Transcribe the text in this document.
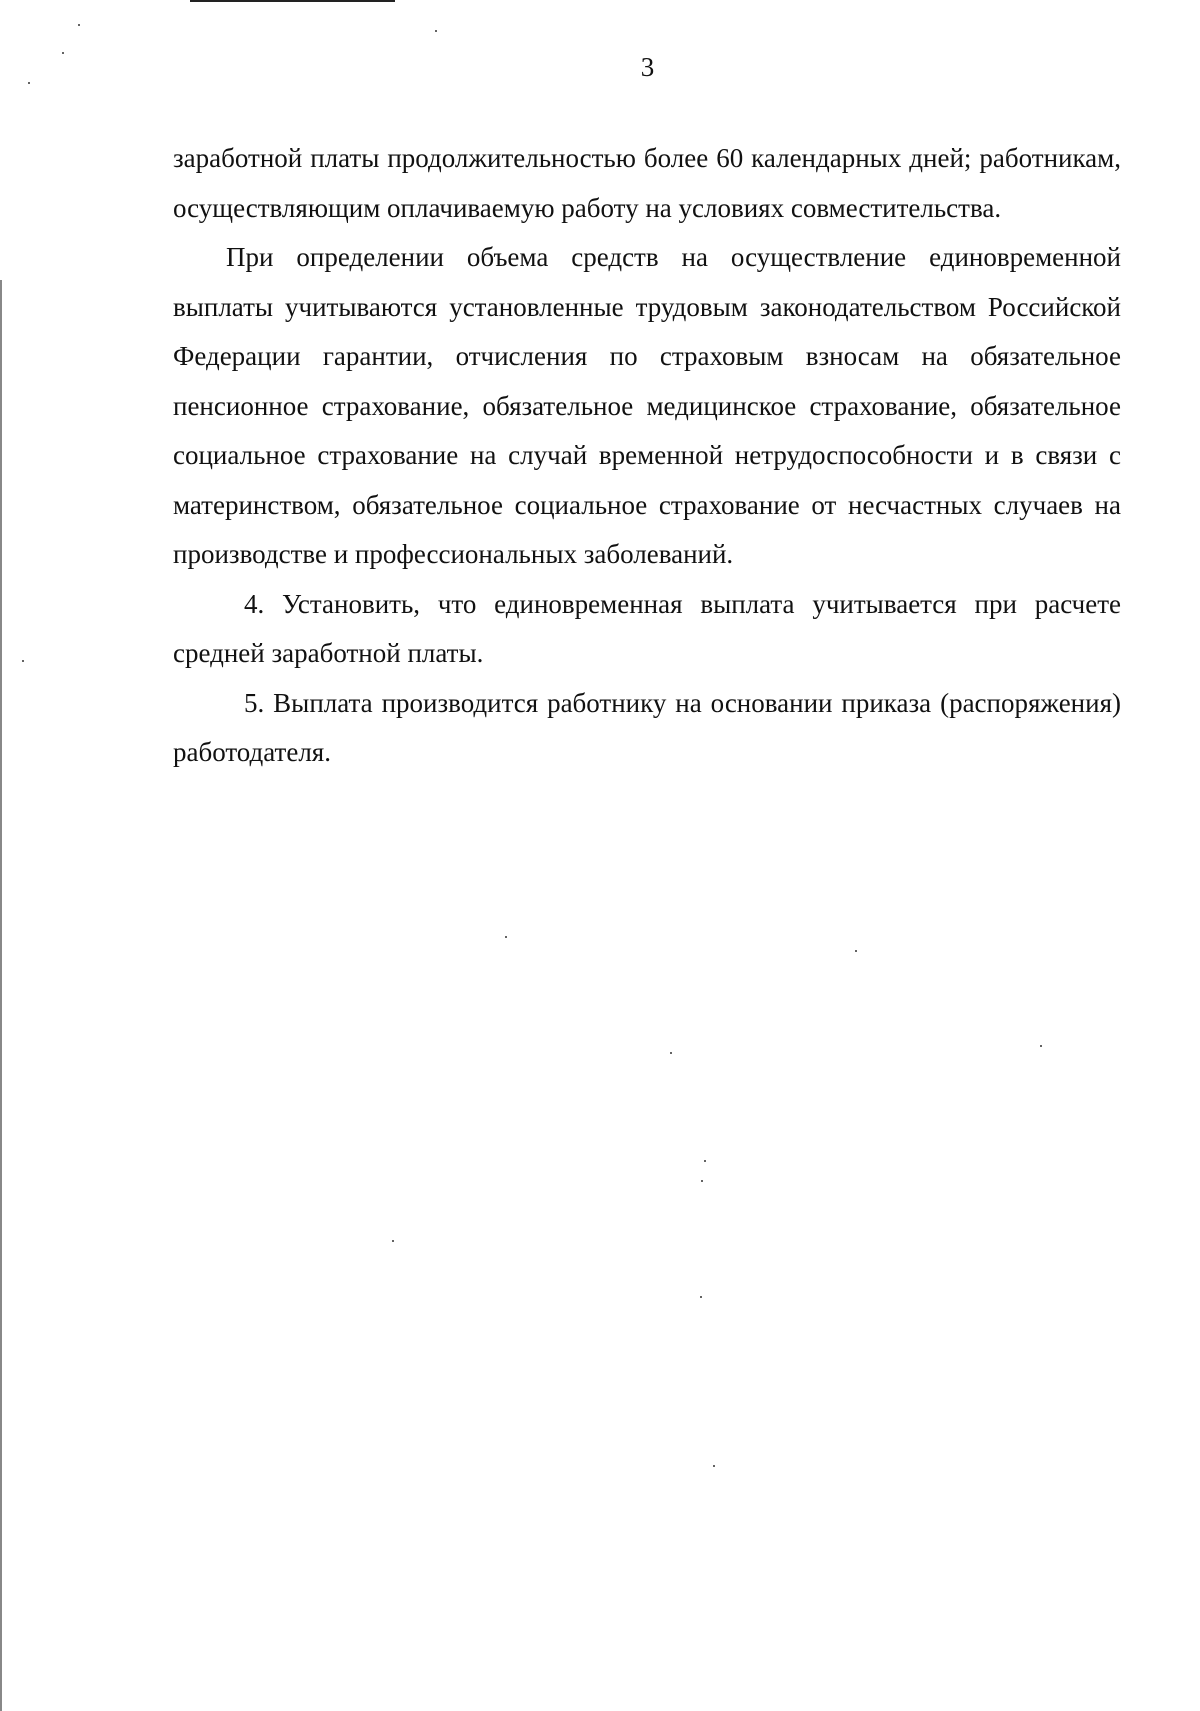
3

заработной платы продолжительностью более 60 календарных дней; работникам, осуществляющим оплачиваемую работу на условиях совместительства.

При определении объема средств на осуществление единовременной выплаты учитываются установленные трудовым законодательством Российской Федерации гарантии, отчисления по страховым взносам на обязательное пенсионное страхование, обязательное медицинское страхование, обязательное социальное страхование на случай временной нетрудоспособности и в связи с материнством, обязательное социальное страхование от несчастных случаев на производстве и профессиональных заболеваний.

4. Установить, что единовременная выплата учитывается при расчете средней заработной платы.

5. Выплата производится работнику на основании приказа (распоряжения) работодателя.
